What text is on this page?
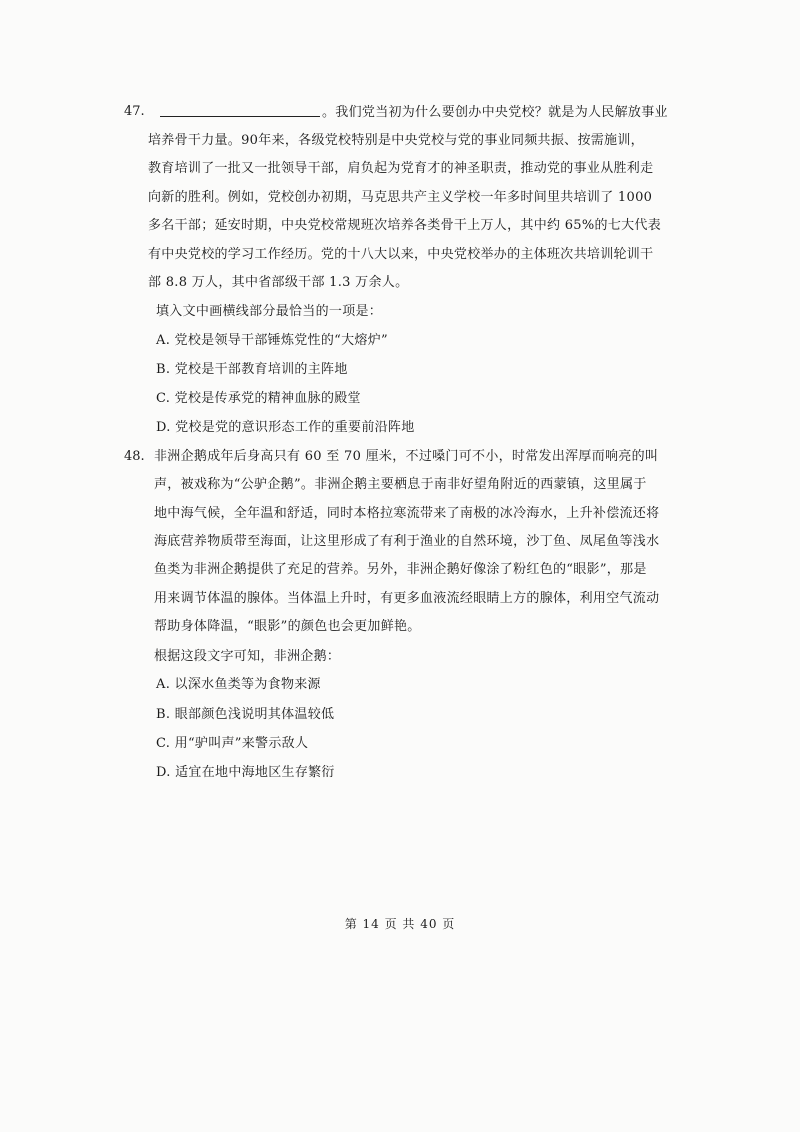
47.	。我们党当初为什么要创办中央党校？就是为人民解放事业
培养骨干力量。90年来，各级党校特别是中央党校与党的事业同频共振、按需施训，
教育培训了一批又一批领导干部，肩负起为党育才的神圣职责，推动党的事业从胜利走
向新的胜利。例如，党校创办初期，马克思共产主义学校一年多时间里共培训了 1000
多名干部；延安时期，中央党校常规班次培养各类骨干上万人，其中约 65%的七大代表
有中央党校的学习工作经历。党的十八大以来，中央党校举办的主体班次共培训轮训干
部 8.8 万人，其中省部级干部 1.3 万余人。
填入文中画横线部分最恰当的一项是：
A. 党校是领导干部锤炼党性的“大熔炉”
B. 党校是干部教育培训的主阵地
C. 党校是传承党的精神血脉的殿堂
D. 党校是党的意识形态工作的重要前沿阵地
48. 非洲企鹅成年后身高只有 60 至 70 厘米，不过嗓门可不小，时常发出浑厚而响亮的叫
声，被戏称为“公驴企鹅”。非洲企鹅主要栖息于南非好望角附近的西蒙镇，这里属于
地中海气候，全年温和舒适，同时本格拉寒流带来了南极的冰冷海水，上升补偿流还将
海底营养物质带至海面，让这里形成了有利于渔业的自然环境，沙丁鱼、凤尾鱼等浅水
鱼类为非洲企鹅提供了充足的营养。另外，非洲企鹅好像涂了粉红色的“眼影”，那是
用来调节体温的腺体。当体温上升时，有更多血液流经眼睛上方的腺体，利用空气流动
帮助身体降温，“眼影”的颜色也会更加鲜艳。
根据这段文字可知，非洲企鹅：
A. 以深水鱼类等为食物来源
B. 眼部颜色浅说明其体温较低
C. 用“驴叫声”来警示敌人
D. 适宜在地中海地区生存繁衍
第 14 页 共 40 页
